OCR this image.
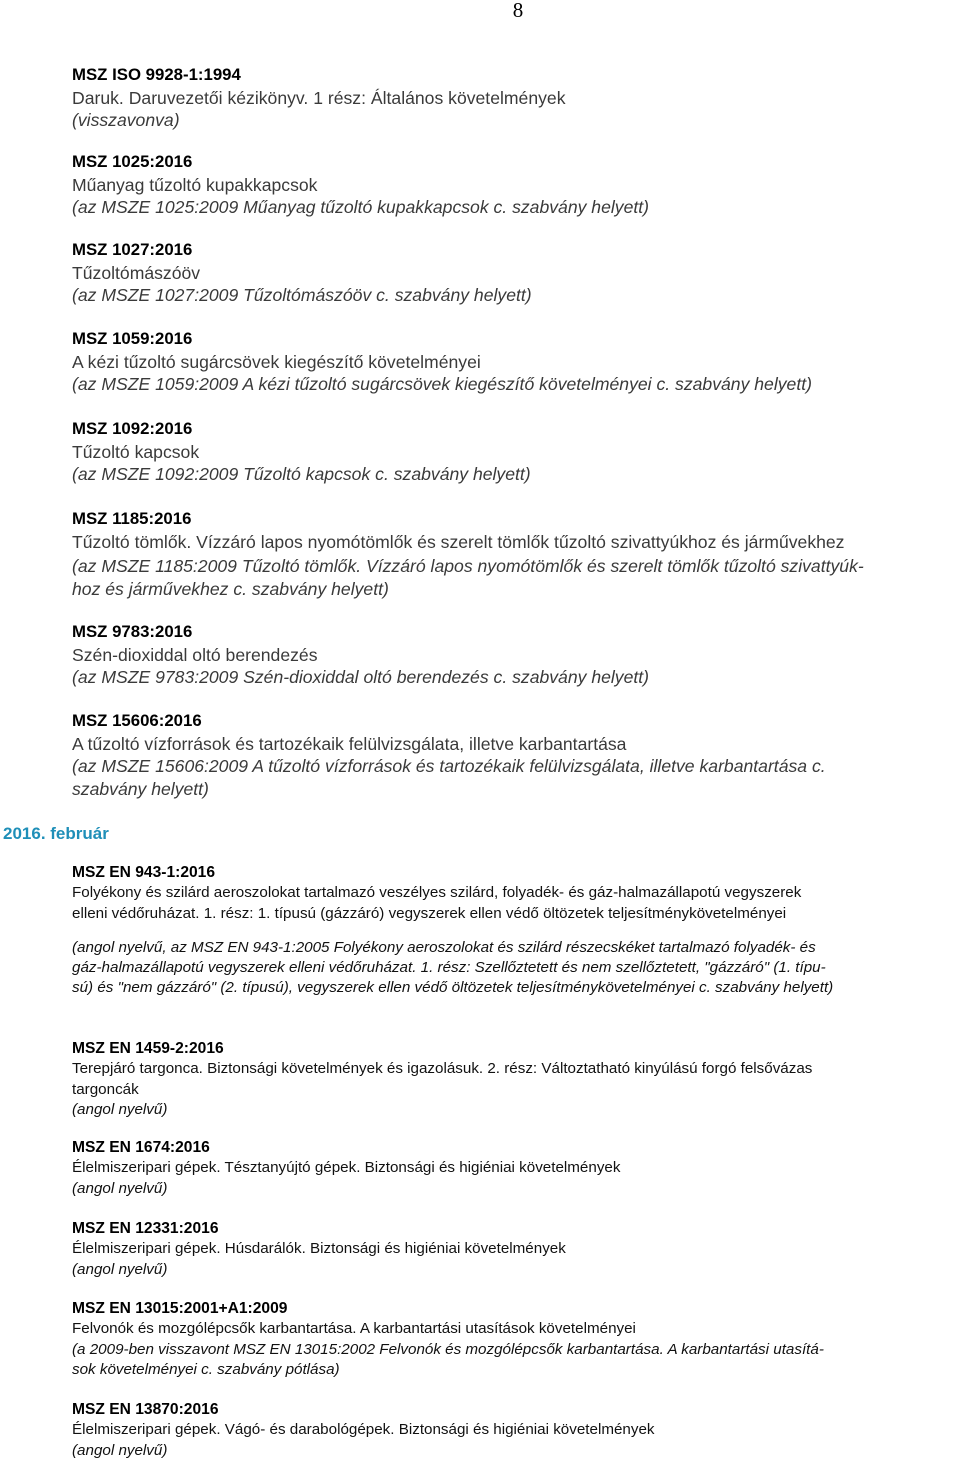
8
2016. február
MSZ ISO 9928-1:1994
Daruk. Daruvezetői kézikönyv. 1 rész: Általános követelmények
(visszavonva)
MSZ 1025:2016
Műanyag tűzoltó kupakkapcsok
(az MSZE 1025:2009 Műanyag tűzoltó kupakkapcsok c. szabvány helyett)
MSZ 1027:2016
Tűzoltómászóöv
(az MSZE 1027:2009 Tűzoltómászóöv c. szabvány helyett)
MSZ 1059:2016
A kézi tűzoltó sugárcsövek kiegészítő követelményei
(az MSZE 1059:2009 A kézi tűzoltó sugárcsövek kiegészítő követelményei c. szabvány helyett)
MSZ 1092:2016
Tűzoltó kapcsok
(az MSZE 1092:2009 Tűzoltó kapcsok c. szabvány helyett)
MSZ 1185:2016
Tűzoltó tömlők. Vízzáró lapos nyomótömlők és szerelt tömlők tűzoltó szivattyúkhoz és járművekhez
(az MSZE 1185:2009 Tűzoltó tömlők. Vízzáró lapos nyomótömlők és szerelt tömlők tűzoltó szivattyúk-
hoz és járművekhez c. szabvány helyett)
MSZ 9783:2016
Szén-dioxiddal oltó berendezés
(az MSZE 9783:2009 Szén-dioxiddal oltó berendezés c. szabvány helyett)
MSZ 15606:2016
A tűzoltó vízforrások és tartozékaik felülvizsgálata, illetve karbantartása
(az MSZE 15606:2009 A tűzoltó vízforrások és tartozékaik felülvizsgálata, illetve karbantartása c.
szabvány helyett)
MSZ EN 943-1:2016
Folyékony és szilárd aeroszolokat tartalmazó veszélyes szilárd, folyadék- és gáz-halmazállapotú vegyszerek
elleni védőruházat. 1. rész: 1. típusú (gázzáró) vegyszerek ellen védő öltözetek teljesítménykövetelményei
(angol nyelvű, az MSZ EN 943-1:2005 Folyékony aeroszolokat és szilárd részecskéket tartalmazó folyadék- és
gáz-halmazállapotú vegyszerek elleni védőruházat. 1. rész: Szellőztetett és nem szellőztetett, "gázzáró" (1. típu-
sú) és "nem gázzáró" (2. típusú), vegyszerek ellen védő öltözetek teljesítménykövetelményei c. szabvány helyett)
MSZ EN 1459-2:2016
Terepjáró targonca. Biztonsági követelmények és igazolásuk. 2. rész: Változtatható kinyúlású forgó felsővázas
targoncák
(angol nyelvű)
MSZ EN 1674:2016
Élelmiszeripari gépek. Tésztanyújtó gépek. Biztonsági és higiéniai követelmények
(angol nyelvű)
MSZ EN 12331:2016
Élelmiszeripari gépek. Húsdarálók. Biztonsági és higiéniai követelmények
(angol nyelvű)
MSZ EN 13015:2001+A1:2009
Felvonók és mozgólépcsők karbantartása. A karbantartási utasítások követelményei
(a 2009-ben visszavont MSZ EN 13015:2002 Felvonók és mozgólépcsők karbantartása. A karbantartási utasítá-
sok követelményei c. szabvány pótlása)
MSZ EN 13870:2016
Élelmiszeripari gépek. Vágó- és darabológépek. Biztonsági és higiéniai követelmények
(angol nyelvű)
